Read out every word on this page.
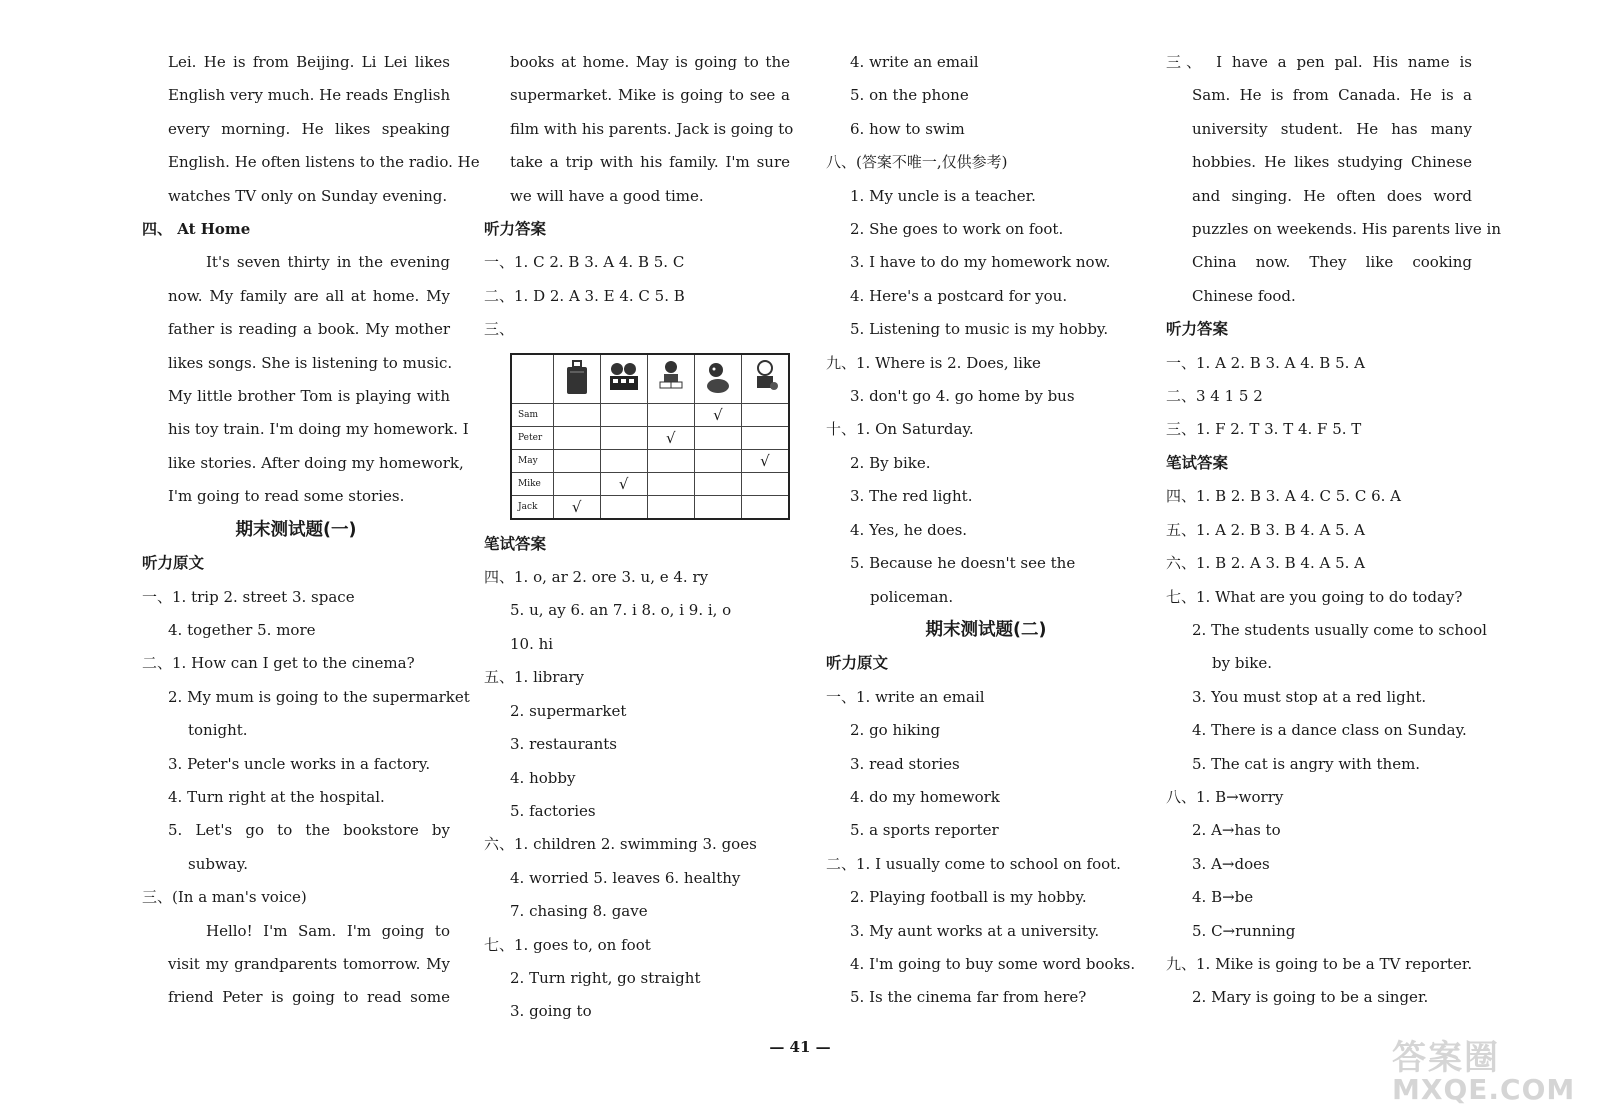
Lei. He is from Beijing. Li Lei likes
English very much. He reads English
every morning. He likes speaking
English. He often listens to the radio. He
watches TV only on Sunday evening.
四、 At Home
It's seven thirty in the evening
now. My family are all at home. My
father is reading a book. My mother
likes songs. She is listening to music.
My little brother Tom is playing with
his toy train. I'm doing my homework. I
like stories. After doing my homework,
I'm going to read some stories.
期末测试题(一)
听力原文
一、1. trip 2. street 3. space
4. together 5. more
二、1. How can I get to the cinema?
2. My mum is going to the supermarket
tonight.
3. Peter's uncle works in a factory.
4. Turn right at the hospital.
5. Let's go to the bookstore by
subway.
三、(In a man's voice)
Hello! I'm Sam. I'm going to
visit my grandparents tomorrow. My
friend Peter is going to read some
books at home. May is going to the
supermarket. Mike is going to see a
film with his parents. Jack is going to
take a trip with his family. I'm sure
we will have a good time.
听力答案
一、1. C 2. B 3. A 4. B 5. C
二、1. D 2. A 3. E 4. C 5. B
三、

Sam				√	
Peter			√		
May					√
Mike		√			
Jack	√				
笔试答案
四、1. o, ar 2. ore 3. u, e 4. ry
5. u, ay 6. an 7. i 8. o, i 9. i, o
10. hi
五、1. library
2. supermarket
3. restaurants
4. hobby
5. factories
六、1. children 2. swimming 3. goes
4. worried 5. leaves 6. healthy
7. chasing 8. gave
七、1. goes to, on foot
2. Turn right, go straight
3. going to
4. write an email
5. on the phone
6. how to swim
八、(答案不唯一,仅供参考)
1. My uncle is a teacher.
2. She goes to work on foot.
3. I have to do my homework now.
4. Here's a postcard for you.
5. Listening to music is my hobby.
九、1. Where is 2. Does, like
3. don't go 4. go home by bus
十、1. On Saturday.
2. By bike.
3. The red light.
4. Yes, he does.
5. Because he doesn't see the
policeman.
期末测试题(二)
听力原文
一、1. write an email
2. go hiking
3. read stories
4. do my homework
5. a sports reporter
二、1. I usually come to school on foot.
2. Playing football is my hobby.
3. My aunt works at a university.
4. I'm going to buy some word books.
5. Is the cinema far from here?
三、 I have a pen pal. His name is
Sam. He is from Canada. He is a
university student. He has many
hobbies. He likes studying Chinese
and singing. He often does word
puzzles on weekends. His parents live in
China now. They like cooking
Chinese food.
听力答案
一、1. A 2. B 3. A 4. B 5. A
二、3 4 1 5 2
三、1. F 2. T 3. T 4. F 5. T
笔试答案
四、1. B 2. B 3. A 4. C 5. C 6. A
五、1. A 2. B 3. B 4. A 5. A
六、1. B 2. A 3. B 4. A 5. A
七、1. What are you going to do today?
2. The students usually come to school
by bike.
3. You must stop at a red light.
4. There is a dance class on Sunday.
5. The cat is angry with them.
八、1. B→worry
2. A→has to
3. A→does
4. B→be
5. C→running
九、1. Mike is going to be a TV reporter.
2. Mary is going to be a singer.
— 41 —	答案圈
MXQE.COM
